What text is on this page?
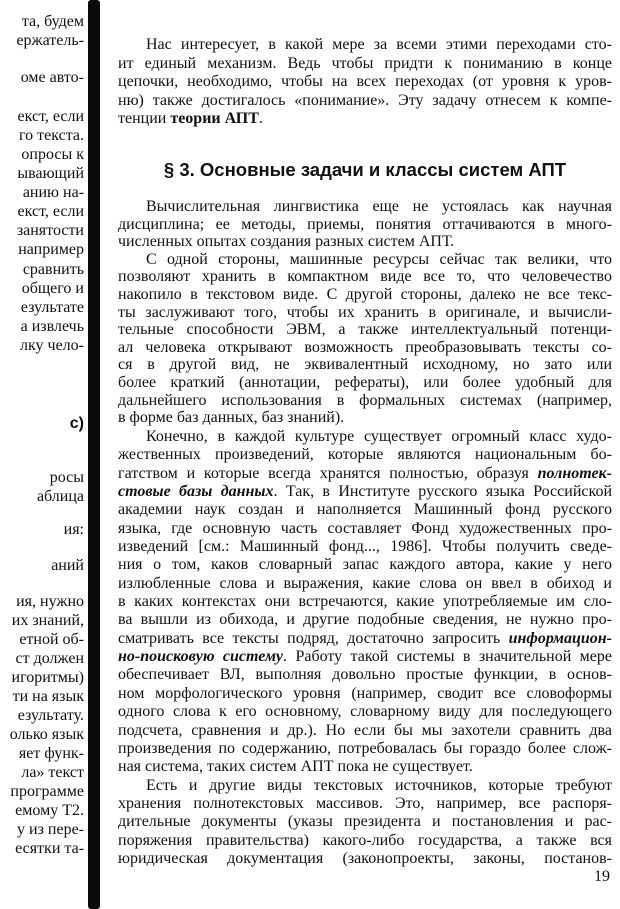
та, будем
ержатель-
оме авто-
екст, если
го текста.
опросы к
ывающий
анию на-
екст, если
занятости
например
сравнить
общего и
езультате
а извлечь
лку чело-
c)
росы
аблица
ия:
аний
ия, нужно
их знаний,
етной об-
ст должен
игоритмы)
ти на язык
езультату.
олько язык
яет функ-
ла» текст
программе
емому Т2.
у из пере-
есятки та-
Нас интересует, в какой мере за всеми этими переходами сто-
ит единый механизм. Ведь чтобы придти к пониманию в конце
цепочки, необходимо, чтобы на всех переходах (от уровня к уров-
ню) также достигалось «понимание». Эту задачу отнесем к компе-
тенции теории АПТ.
§ 3. Основные задачи и классы систем АПТ
Вычислительная лингвистика еще не устоялась как научная
дисциплина; ее методы, приемы, понятия оттачиваются в много-
численных опытах создания разных систем АПТ.
С одной стороны, машинные ресурсы сейчас так велики, что
позволяют хранить в компактном виде все то, что человечество
накопило в текстовом виде. С другой стороны, далеко не все текс-
ты заслуживают того, чтобы их хранить в оригинале, и вычисли-
тельные способности ЭВМ, а также интеллектуальный потенци-
ал человека открывают возможность преобразовывать тексты со-
ся в другой вид, не эквивалентный исходному, но зато или
более краткий (аннотации, рефераты), или более удобный для
дальнейшего использования в формальных системах (например,
в форме баз данных, баз знаний).
Конечно, в каждой культуре существует огромный класс худо-
жественных произведений, которые являются национальным бо-
гатством и которые всегда хранятся полностью, образуя полнотек-
стовые базы данных. Так, в Институте русского языка Российской
академии наук создан и наполняется Машинный фонд русского
языка, где основную часть составляет Фонд художественных про-
изведений [см.: Машинный фонд..., 1986]. Чтобы получить сведе-
ния о том, каков словарный запас каждого автора, какие у него
излюбленные слова и выражения, какие слова он ввел в обиход и
в каких контекстах они встречаются, какие употребляемые им сло-
ва вышли из обихода, и другие подобные сведения, не нужно про-
сматривать все тексты подряд, достаточно запросить информацион-
но-поисковую систему. Работу такой системы в значительной мере
обеспечивает ВЛ, выполняя довольно простые функции, в основ-
ном морфологического уровня (например, сводит все словоформы
одного слова к его основному, словарному виду для последующего
подсчета, сравнения и др.). Но если бы мы захотели сравнить два
произведения по содержанию, потребовалась бы гораздо более слож-
ная система, таких систем АПТ пока не существует.
Есть и другие виды текстовых источников, которые требуют
хранения полнотекстовых массивов. Это, например, все распоря-
дительные документы (указы президента и постановления и рас-
поряжения правительства) какого-либо государства, а также вся
юридическая документация (законопроекты, законы, постанов-
19
